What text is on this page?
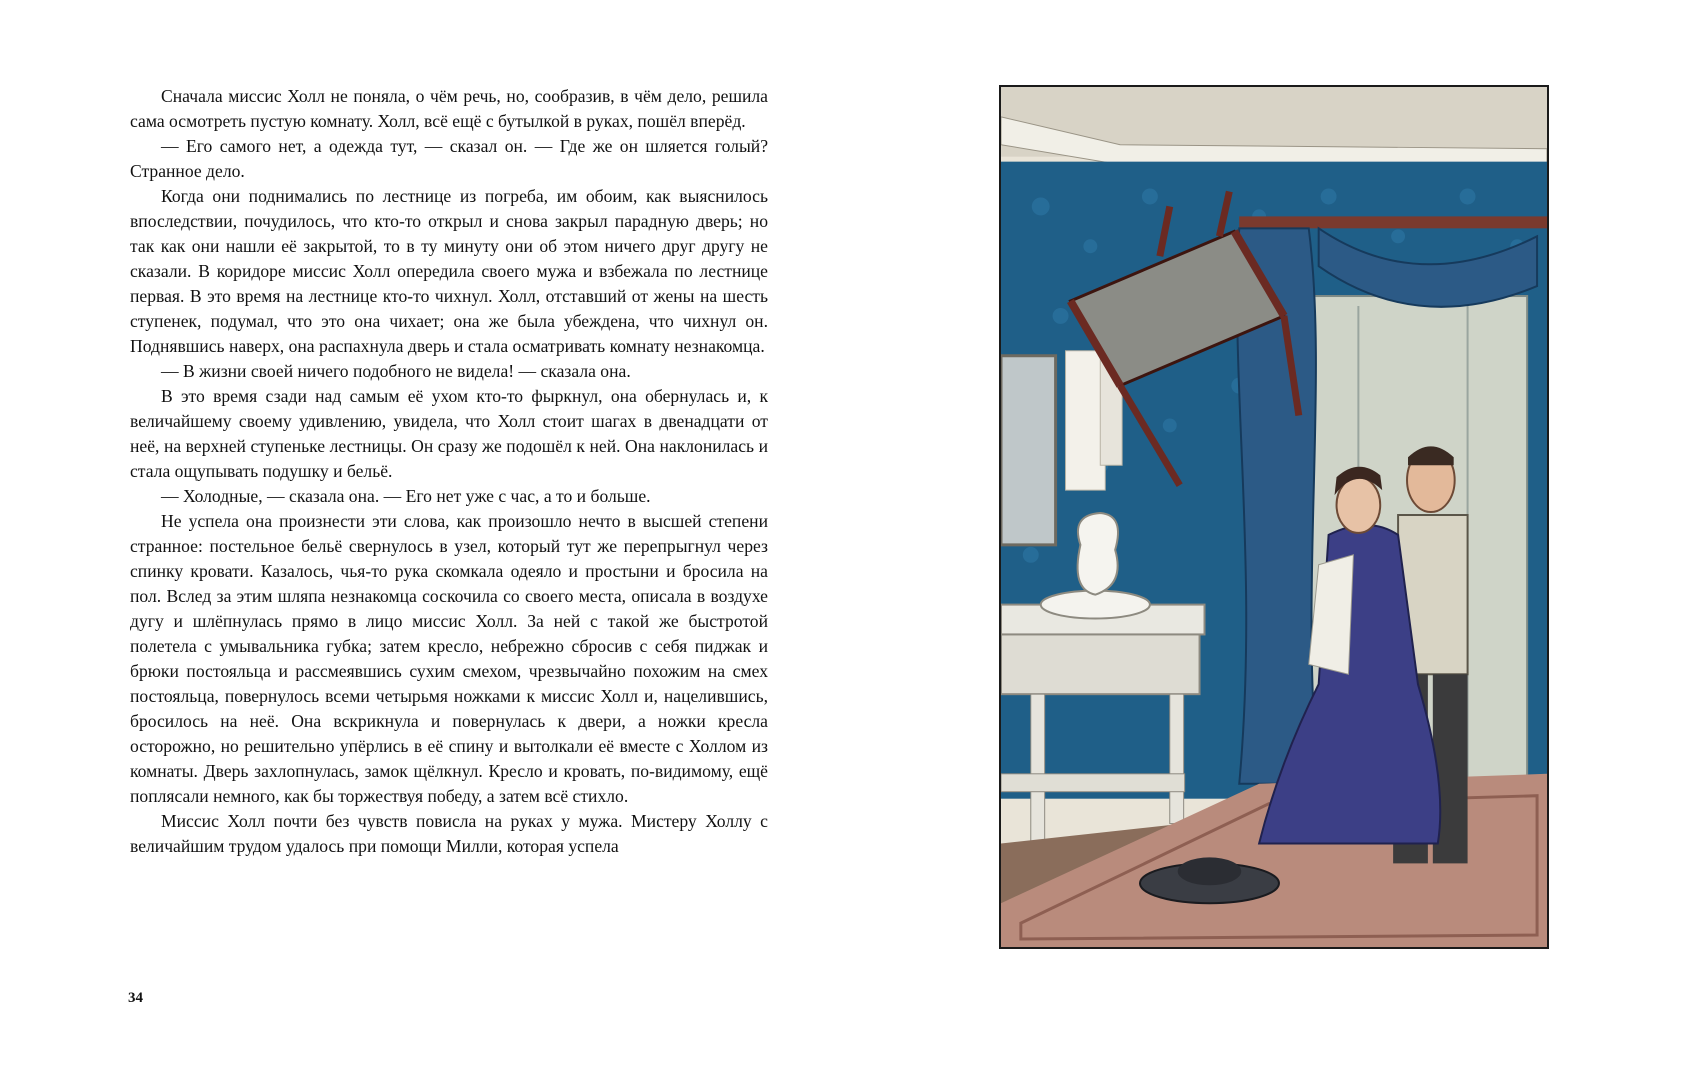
Сначала миссис Холл не поняла, о чём речь, но, сообразив, в чём дело, решила сама осмотреть пустую комнату. Холл, всё ещё с бутылкой в руках, пошёл вперёд.

— Его самого нет, а одежда тут, — сказал он. — Где же он шляется голый? Странное дело.

Когда они поднимались по лестнице из погреба, им обоим, как выяснилось впоследствии, почудилось, что кто-то открыл и снова закрыл парадную дверь; но так как они нашли её закрытой, то в ту минуту они об этом ничего друг другу не сказали. В коридоре миссис Холл опередила своего мужа и взбежала по лестнице первая. В это время на лестнице кто-то чихнул. Холл, отставший от жены на шесть ступенек, подумал, что это она чихает; она же была убеждена, что чихнул он. Поднявшись наверх, она распахнула дверь и стала осматривать комнату незнакомца.

— В жизни своей ничего подобного не видела! — сказала она.

В это время сзади над самым её ухом кто-то фыркнул, она обернулась и, к величайшему своему удивлению, увидела, что Холл стоит шагах в двенадцати от неё, на верхней ступеньке лестницы. Он сразу же подошёл к ней. Она наклонилась и стала ощупывать подушку и бельё.

— Холодные, — сказала она. — Его нет уже с час, а то и больше.

Не успела она произнести эти слова, как произошло нечто в высшей степени странное: постельное бельё свернулось в узел, который тут же перепрыгнул через спинку кровати. Казалось, чья-то рука скомкала одеяло и простыни и бросила на пол. Вслед за этим шляпа незнакомца соскочила со своего места, описала в воздухе дугу и шлёпнулась прямо в лицо миссис Холл. За ней с такой же быстротой полетела с умывальника губка; затем кресло, небрежно сбросив с себя пиджак и брюки постояльца и рассмеявшись сухим смехом, чрезвычайно похожим на смех постояльца, повернулось всеми четырьмя ножками к миссис Холл и, нацелившись, бросилось на неё. Она вскрикнула и повернулась к двери, а ножки кресла осторожно, но решительно упёрлись в её спину и вытолкали её вместе с Холлом из комнаты. Дверь захлопнулась, замок щёлкнул. Кресло и кровать, по-видимому, ещё поплясали немного, как бы торжествуя победу, а затем всё стихло.

Миссис Холл почти без чувств повисла на руках у мужа. Мистеру Холлу с величайшим трудом удалось при помощи Милли, которая успела

34
